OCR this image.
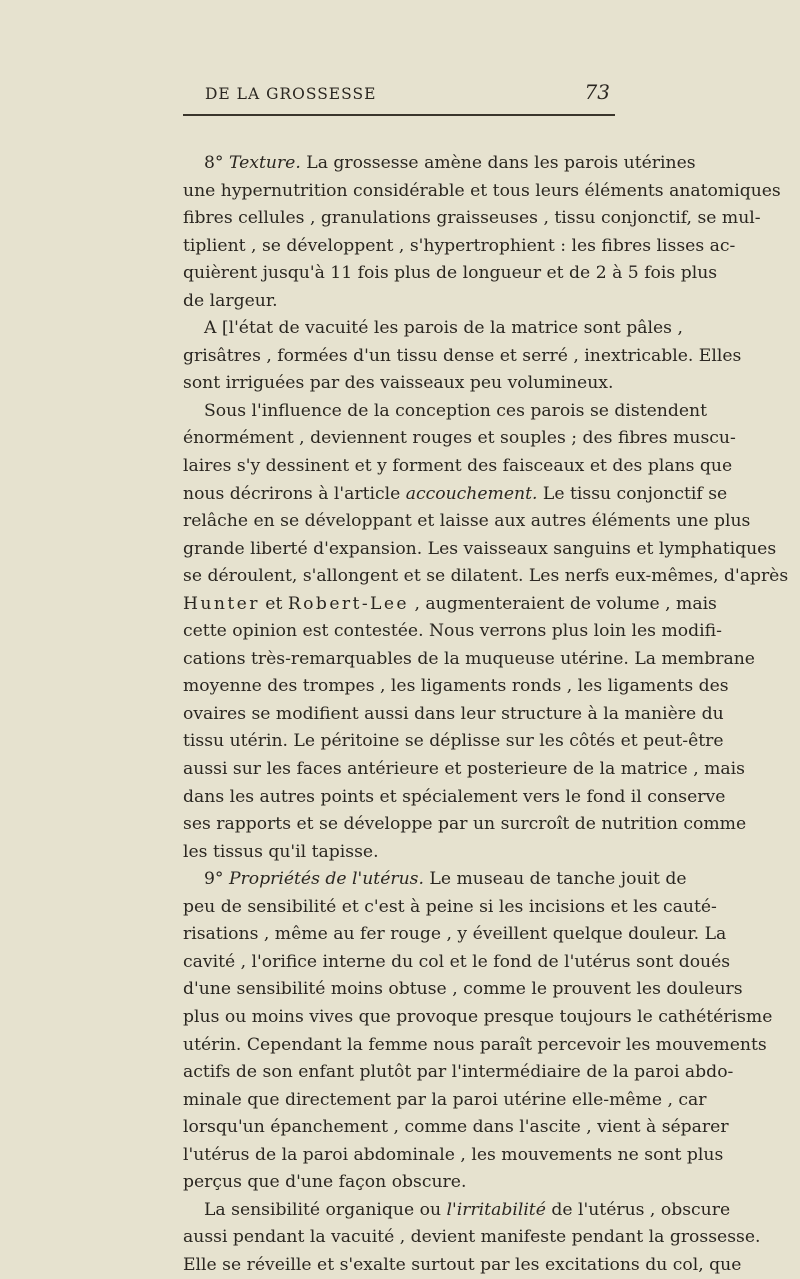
DE LA GROSSESSE	73
8° Texture. La grossesse amène dans les parois utérines
une hypernutrition considérable et tous leurs éléments anatomiques
fibres cellules , granulations graisseuses , tissu conjonctif, se mul-
tiplient , se développent , s'hypertrophient : les fibres lisses ac-
quièrent jusqu'à 11 fois plus de longueur et de 2 à 5 fois plus
de largeur.
A [l'état de vacuité les parois de la matrice sont pâles ,
grisâtres , formées d'un tissu dense et serré , inextricable. Elles
sont irriguées par des vaisseaux peu volumineux.
Sous l'influence de la conception ces parois se distendent
énormément , deviennent rouges et souples ; des fibres muscu-
laires s'y dessinent et y forment des faisceaux et des plans que
nous décrirons à l'article accouchement. Le tissu conjonctif se
relâche en se développant et laisse aux autres éléments une plus
grande liberté d'expansion. Les vaisseaux sanguins et lymphatiques
se déroulent, s'allongent et se dilatent. Les nerfs eux-mêmes, d'après
Hunter et Robert-Lee , augmenteraient de volume , mais
cette opinion est contestée. Nous verrons plus loin les modifi-
cations très-remarquables de la muqueuse utérine. La membrane
moyenne des trompes , les ligaments ronds , les ligaments des
ovaires se modifient aussi dans leur structure à la manière du
tissu utérin. Le péritoine se déplisse sur les côtés et peut-être
aussi sur les faces antérieure et posterieure de la matrice , mais
dans les autres points et spécialement vers le fond il conserve
ses rapports et se développe par un surcroît de nutrition comme
les tissus qu'il tapisse.
9° Propriétés de l'utérus. Le museau de tanche jouit de
peu de sensibilité et c'est à peine si les incisions et les cauté-
risations , même au fer rouge , y éveillent quelque douleur. La
cavité , l'orifice interne du col et le fond de l'utérus sont doués
d'une sensibilité moins obtuse , comme le prouvent les douleurs
plus ou moins vives que provoque presque toujours le cathétérisme
utérin. Cependant la femme nous paraît percevoir les mouvements
actifs de son enfant plutôt par l'intermédiaire de la paroi abdo-
minale que directement par la paroi utérine elle-même , car
lorsqu'un épanchement , comme dans l'ascite , vient à séparer
l'utérus de la paroi abdominale , les mouvements ne sont plus
perçus que d'une façon obscure.
La sensibilité organique ou l'irritabilité de l'utérus , obscure
aussi pendant la vacuité , devient manifeste pendant la grossesse.
Elle se réveille et s'exalte surtout par les excitations du col, que
